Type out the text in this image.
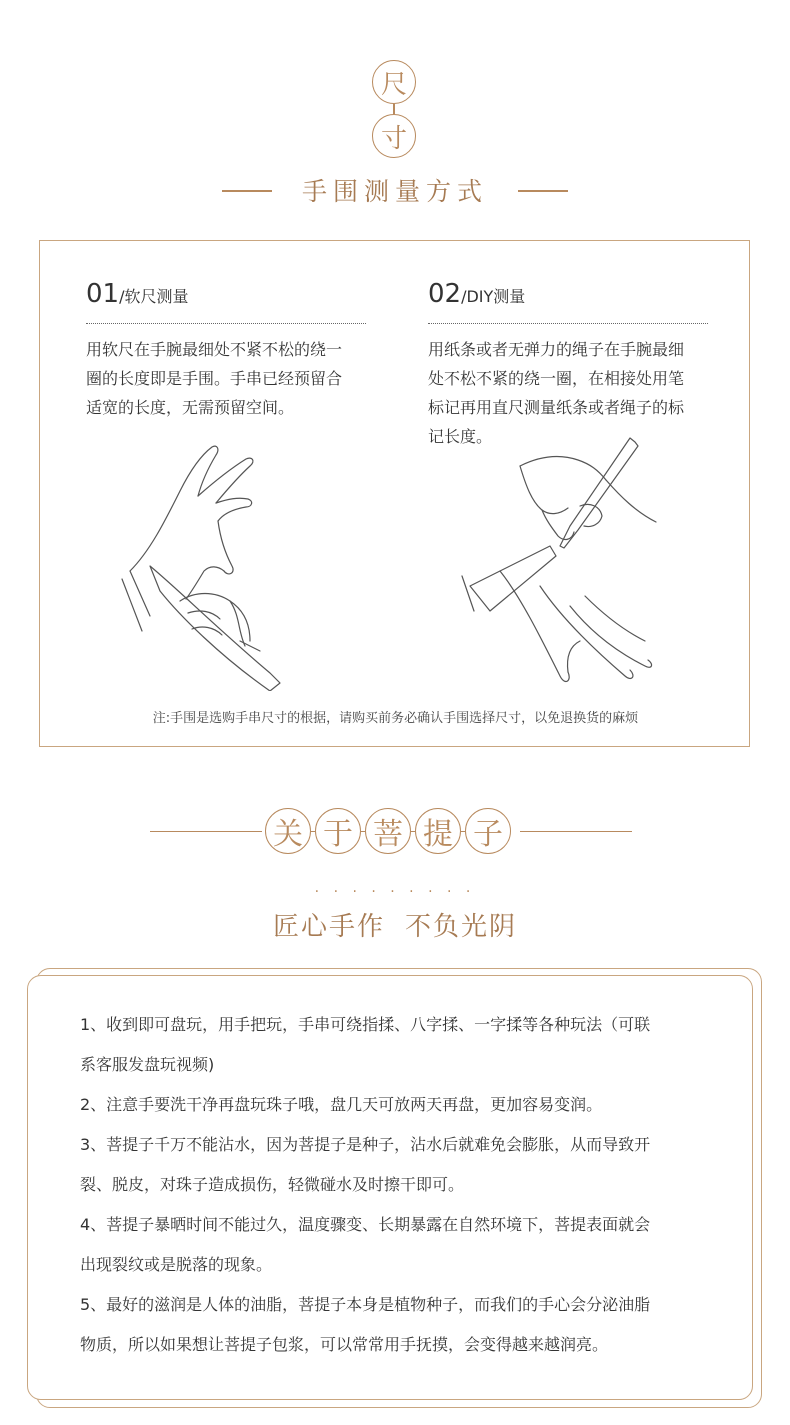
尺
寸
手围测量方式
01/软尺测量
用软尺在手腕最细处不紧不松的绕一
圈的长度即是手围。手串已经预留合
适宽的长度，无需预留空间。
02/DIY测量
用纸条或者无弹力的绳子在手腕最细
处不松不紧的绕一圈，在相接处用笔
标记再用直尺测量纸条或者绳子的标
记长度。
注:手围是选购手串尺寸的根据，请购买前务必确认手围选择尺寸，以免退换货的麻烦
关 于 菩 提 子
· · · · · · · · ·
匠心手作 不负光阴
1、收到即可盘玩，用手把玩，手串可绕指揉、八字揉、一字揉等各种玩法（可联
系客服发盘玩视频)
2、注意手要洗干净再盘玩珠子哦，盘几天可放两天再盘，更加容易变润。
3、菩提子千万不能沾水，因为菩提子是种子，沾水后就难免会膨胀，从而导致开
裂、脱皮，对珠子造成损伤，轻微碰水及时擦干即可。
4、菩提子暴晒时间不能过久，温度骤变、长期暴露在自然环境下，菩提表面就会
出现裂纹或是脱落的现象。
5、最好的滋润是人体的油脂，菩提子本身是植物种子，而我们的手心会分泌油脂
物质，所以如果想让菩提子包浆，可以常常用手抚摸，会变得越来越润亮。
